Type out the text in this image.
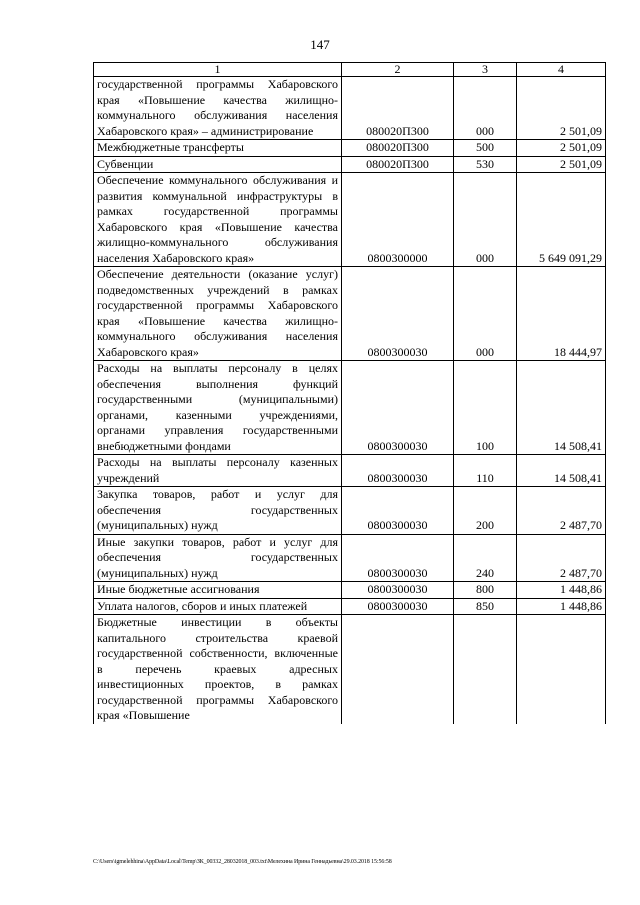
147
1	2	3	4
государственной программы Хабаровского края «Повышение качества жилищно-коммунального обслуживания населения Хабаровского края» – администрирование	080020П300	000	2 501,09
Межбюджетные трансферты	080020П300	500	2 501,09
Субвенции	080020П300	530	2 501,09
Обеспечение коммунального обслуживания и развития коммунальной инфраструктуры в рамках государственной программы Хабаровского края «Повышение качества жилищно-коммунального обслуживания населения Хабаровского края»	0800300000	000	5 649 091,29
Обеспечение деятельности (оказание услуг) подведомственных учреждений в рамках государственной программы Хабаровского края «Повышение качества жилищно-коммунального обслуживания населения Хабаровского края»	0800300030	000	18 444,97
Расходы на выплаты персоналу в целях обеспечения выполнения функций государственными (муниципальными) органами, казенными учреждениями, органами управления государственными внебюджетными фондами	0800300030	100	14 508,41
Расходы на выплаты персоналу казенных учреждений	0800300030	110	14 508,41
Закупка товаров, работ и услуг для обеспечения государственных (муниципальных) нужд	0800300030	200	2 487,70
Иные закупки товаров, работ и услуг для обеспечения государственных (муниципальных) нужд	0800300030	240	2 487,70
Иные бюджетные ассигнования	0800300030	800	1 448,86
Уплата налогов, сборов и иных платежей	0800300030	850	1 448,86
Бюджетные инвестиции в объекты капитального строительства краевой государственной собственности, включенные в перечень краевых адресных инвестиционных проектов, в рамках государственной программы Хабаровского края «Повышение			
C:\Users\igmelehhina\AppData\Local\Temp\ЗК_00332_28032018_003.txt\Мелехина Ирина Геннадьевна\29.03.2018 15:56:58
